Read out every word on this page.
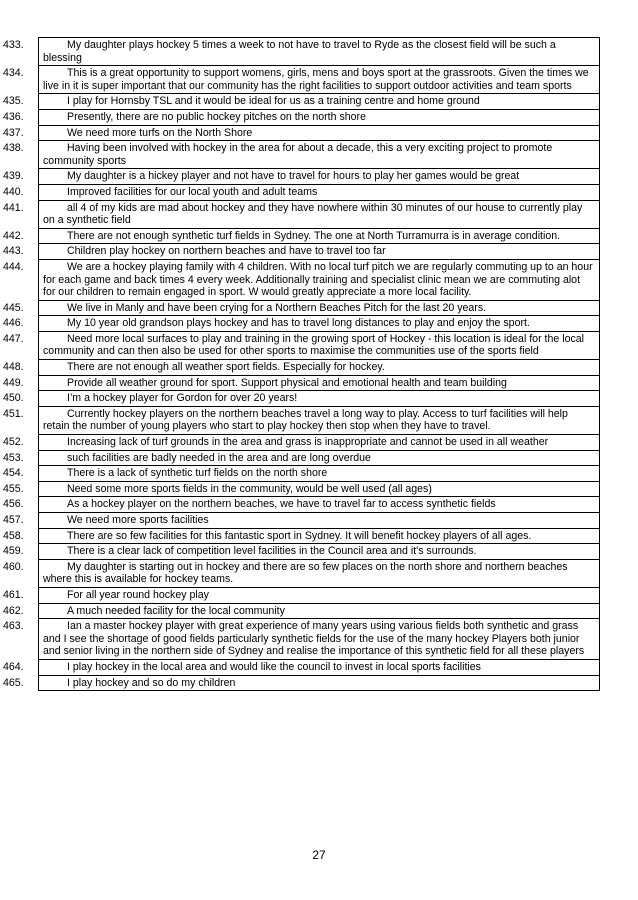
433.	My daughter plays hockey 5 times a week to not have to travel to Ryde as the closest field will be such a blessing
434.	This is a great opportunity to support womens, girls, mens and boys sport at the grassroots. Given the times we live in it is super important that our community has the right facilities to support outdoor activities and team sports
435.	I play for Hornsby TSL and it would be ideal for us as a training centre and home ground
436.	Presently, there are no public hockey pitches on the north shore
437.	We need more turfs on the North Shore
438.	Having been involved with hockey in the area for about a decade, this a very exciting project to promote community sports
439.	My daughter is a hickey player and not have to travel for hours to play her games would be great
440.	Improved facilities for our local youth and adult teams
441.	all 4 of my kids are mad about hockey and they have nowhere within 30 minutes of our house to currently play on a synthetic field
442.	There are not enough synthetic turf fields in Sydney. The one at North Turramurra is in average condition.
443.	Children play hockey on northern beaches and have to travel too far
444.	We are a hockey playing family with 4 children. With no local turf pitch we are regularly commuting up to an hour for each game and back times 4 every week. Additionally training and specialist clinic mean we are commuting alot for our children to remain engaged in sport. W would greatly appreciate a more local facility.
445.	We live in Manly and have been crying for a Northern Beaches Pitch for the last 20 years.
446.	My 10 year old grandson plays hockey and has to travel long distances to play and enjoy the sport.
447.	Need more local surfaces to play and training in the growing sport of Hockey - this location is ideal for the local community and can then also be used for other sports to maximise the communities use of the sports field
448.	There are not enough all weather sport fields. Especially for hockey.
449.	Provide all weather ground for sport. Support physical and emotional health and team building
450.	I’m a hockey player for Gordon for over 20 years!
451.	Currently hockey players on the northern beaches travel a long way to play. Access to turf facilities will help retain the number of young players who start to play hockey then stop when they have to travel.
452.	Increasing lack of turf grounds in the area and grass is inappropriate and cannot be used in all weather
453.	such facilities are badly needed in the area and are long overdue
454.	There is a lack of synthetic turf fields on the north shore
455.	Need some more sports fields in the community, would be well used (all ages)
456.	As a hockey player on the northern beaches, we have to travel far to access synthetic fields
457.	We need more sports facilities
458.	There are so few facilities for this fantastic sport in Sydney. It will benefit hockey players of all ages.
459.	There is a clear lack of competition level facilities in the Council area and it's surrounds.
460.	My daughter is starting out in hockey and there are so few places on the north shore and northern beaches where this is available for hockey teams.
461.	For all year round hockey play
462.	A much needed facility for the local community
463.	Ian a master hockey player with great experience of many years using various fields both synthetic and grass and I see the shortage of good fields particularly synthetic fields for the use of the many hockey Players both junior and senior living in the northern side of Sydney and realise the importance of this synthetic field for all these players
464.	I play hockey in the local area and would like the council to invest in local sports facilities
465.	I play hockey and so do my children
27
